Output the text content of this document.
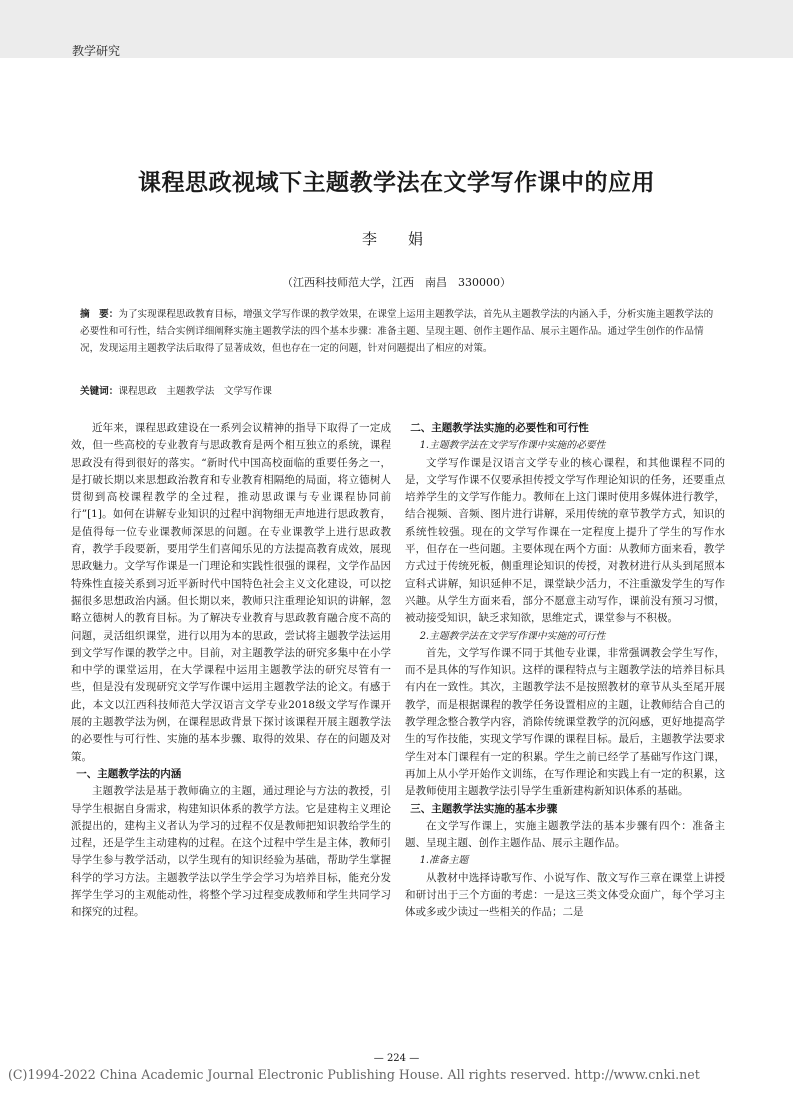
教学研究
课程思政视域下主题教学法在文学写作课中的应用
李　娟
（江西科技师范大学，江西　南昌　330000）
摘　要：为了实现课程思政教育目标，增强文学写作课的教学效果，在课堂上运用主题教学法，首先从主题教学法的内涵入手，分析实施主题教学法的必要性和可行性，结合实例详细阐释实施主题教学法的四个基本步骤：准备主题、呈现主题、创作主题作品、展示主题作品。通过学生创作的作品情况，发现运用主题教学法后取得了显著成效，但也存在一定的问题，针对问题提出了相应的对策。
关键词：课程思政　主题教学法　文学写作课

近年来，课程思政建设在一系列会议精神的指导下取得了一定成效，但一些高校的专业教育与思政教育是两个相互独立的系统，课程思政没有得到很好的落实。“新时代中国高校面临的重要任务之一，是打破长期以来思想政治教育和专业教育相隔绝的局面，将立德树人贯彻到高校课程教学的全过程，推动思政课与专业课程协同前行”[1]。如何在讲解专业知识的过程中润物细无声地进行思政教育，是值得每一位专业课教师深思的问题。在专业课教学上进行思政教育，教学手段要新，要用学生们喜闻乐见的方法提高教育成效，展现思政魅力。文学写作课是一门理论和实践性很强的课程，文学作品因特殊性直接关系到习近平新时代中国特色社会主义文化建设，可以挖掘很多思想政治内涵。但长期以来，教师只注重理论知识的讲解，忽略立德树人的教育目标。为了解决专业教育与思政教育融合度不高的问题，灵活组织课堂，进行以用为本的思政，尝试将主题教学法运用到文学写作课的教学之中。目前，对主题教学法的研究多集中在小学和中学的课堂运用，在大学课程中运用主题教学法的研究尽管有一些，但是没有发现研究文学写作课中运用主题教学法的论文。有感于此，本文以江西科技师范大学汉语言文学专业2018级文学写作课开展的主题教学法为例，在课程思政背景下探讨该课程开展主题教学法的必要性与可行性、实施的基本步骤、取得的效果、存在的问题及对策。

一、主题教学法的内涵

主题教学法是基于教师确立的主题，通过理论与方法的教授，引导学生根据自身需求，构建知识体系的教学方法。它是建构主义理论派提出的，建构主义者认为学习的过程不仅是教师把知识教给学生的过程，还是学生主动建构的过程。在这个过程中学生是主体，教师引导学生参与教学活动，以学生现有的知识经验为基础，帮助学生掌握科学的学习方法。主题教学法以学生学会学习为培养目标，能充分发挥学生学习的主观能动性，将整个学习过程变成教师和学生共同学习和探究的过程。

二、主题教学法实施的必要性和可行性
1.主题教学法在文学写作课中实施的必要性

文学写作课是汉语言文学专业的核心课程，和其他课程不同的是，文学写作课不仅要承担传授文学写作理论知识的任务，还要重点培养学生的文学写作能力。教师在上这门课时使用多媒体进行教学，结合视频、音频、图片进行讲解，采用传统的章节教学方式，知识的系统性较强。现在的文学写作课在一定程度上提升了学生的写作水平，但存在一些问题。主要体现在两个方面：从教师方面来看，教学方式过于传统死板，侧重理论知识的传授，对教材进行从头到尾照本宣科式讲解，知识延伸不足，课堂缺少活力，不注重激发学生的写作兴趣。从学生方面来看，部分不愿意主动写作，课前没有预习习惯，被动接受知识，缺乏求知欲，思维定式，课堂参与不积极。

2.主题教学法在文学写作课中实施的可行性

首先，文学写作课不同于其他专业课，非常强调教会学生写作，而不是具体的写作知识。这样的课程特点与主题教学法的培养目标具有内在一致性。其次，主题教学法不是按照教材的章节从头至尾开展教学，而是根据课程的教学任务设置相应的主题，让教师结合自己的教学理念整合教学内容，消除传统课堂教学的沉闷感，更好地提高学生的写作技能，实现文学写作课的课程目标。最后，主题教学法要求学生对本门课程有一定的积累。学生之前已经学了基础写作这门课，再加上从小学开始作文训练，在写作理论和实践上有一定的积累，这是教师使用主题教学法引导学生重新建构新知识体系的基础。

三、主题教学法实施的基本步骤

在文学写作课上，实施主题教学法的基本步骤有四个：准备主题、呈现主题、创作主题作品、展示主题作品。

1.准备主题

从教材中选择诗歌写作、小说写作、散文写作三章在课堂上讲授和研讨出于三个方面的考虑：一是这三类文体受众面广，每个学习主体或多或少读过一些相关的作品；二是

— 224 —
(C)1994-2022 China Academic Journal Electronic Publishing House. All rights reserved. http://www.cnki.net
